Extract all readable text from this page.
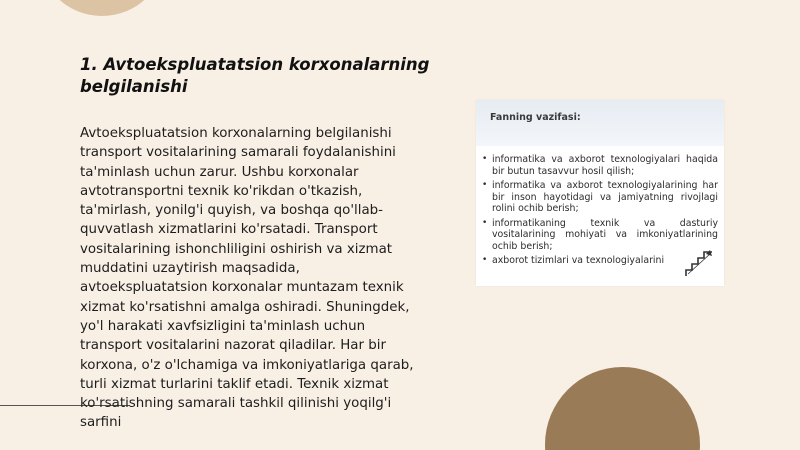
1. Avtoekspluatatsion korxonalarning belgilanishi

Avtoekspluatatsion korxonalarning belgilanishi transport vositalarining samarali foydalanishini ta'minlash uchun zarur. Ushbu korxonalar avtotransportni texnik ko'rikdan o'tkazish, ta'mirlash, yonilg'i quyish, va boshqa qo'llab-quvvatlash xizmatlarini ko'rsatadi. Transport vositalarining ishonchliligini oshirish va xizmat muddatini uzaytirish maqsadida, avtoekspluatatsion korxonalar muntazam texnik xizmat ko'rsatishni amalga oshiradi. Shuningdek, yo'l harakati xavfsizligini ta'minlash uchun transport vositalarini nazorat qiladilar. Har bir korxona, o'z o'lchamiga va imkoniyatlariga qarab, turli xizmat turlarini taklif etadi. Texnik xizmat ko'rsatishning samarali tashkil qilinishi yoqilg'i sarfini

Fanning vazifasi:
• informatika va axborot texnologiyalari haqida bir butun tasavvur hosil qilish;
• informatika va axborot texnologiyalarining har bir inson hayotidagi va jamiyatning rivojlagi rolini ochib berish;
• informatikaning texnik va dasturiy vositalarining mohiyati va imkoniyatlarining ochib berish;
• axborot tizimlari va texnologiyalarini
